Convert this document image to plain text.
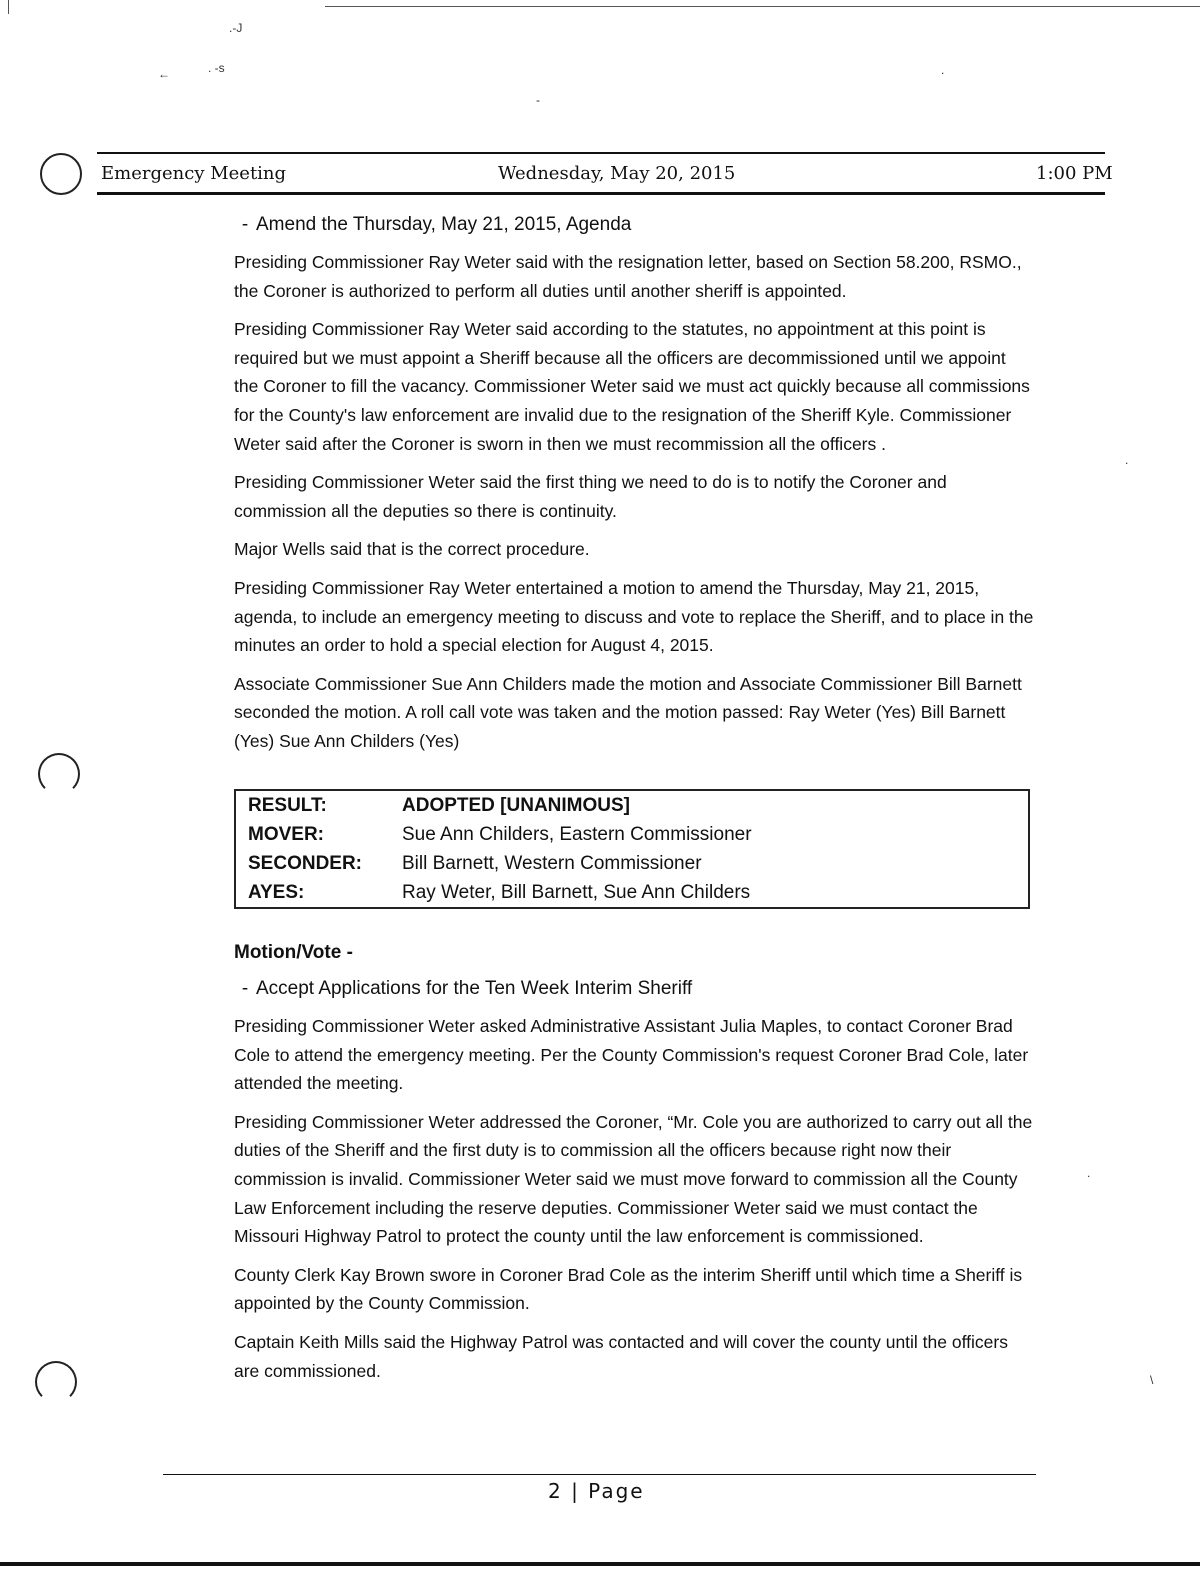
.-J
←	. -s
-
.
.
.
\
Emergency Meeting	Wednesday, May 20, 2015	1:00 PM

- Amend the Thursday, May 21, 2015, Agenda

Presiding Commissioner Ray Weter said with the resignation letter, based on Section 58.200, RSMO., the Coroner is authorized to perform all duties until another sheriff is appointed.

Presiding Commissioner Ray Weter said according to the statutes, no appointment at this point is required but we must appoint a Sheriff because all the officers are decommissioned until we appoint the Coroner to fill the vacancy. Commissioner Weter said we must act quickly because all commissions for the County's law enforcement are invalid due to the resignation of the Sheriff Kyle. Commissioner Weter said after the Coroner is sworn in then we must recommission all the officers .

Presiding Commissioner Weter said the first thing we need to do is to notify the Coroner and commission all the deputies so there is continuity.

Major Wells said that is the correct procedure.

Presiding Commissioner Ray Weter entertained a motion to amend the Thursday, May 21, 2015, agenda, to include an emergency meeting to discuss and vote to replace the Sheriff, and to place in the minutes an order to hold a special election for August 4, 2015.

Associate Commissioner Sue Ann Childers made the motion and Associate Commissioner Bill Barnett seconded the motion. A roll call vote was taken and the motion passed: Ray Weter (Yes) Bill Barnett (Yes) Sue Ann Childers (Yes)

RESULT:	ADOPTED [UNANIMOUS]
MOVER:	Sue Ann Childers, Eastern Commissioner
SECONDER:	Bill Barnett, Western Commissioner
AYES:	Ray Weter, Bill Barnett, Sue Ann Childers

Motion/Vote -

- Accept Applications for the Ten Week Interim Sheriff

Presiding Commissioner Weter asked Administrative Assistant Julia Maples, to contact Coroner Brad Cole to attend the emergency meeting. Per the County Commission's request Coroner Brad Cole, later attended the meeting.

Presiding Commissioner Weter addressed the Coroner, “Mr. Cole you are authorized to carry out all the duties of the Sheriff and the first duty is to commission all the officers because right now their commission is invalid. Commissioner Weter said we must move forward to commission all the County Law Enforcement including the reserve deputies. Commissioner Weter said we must contact the Missouri Highway Patrol to protect the county until the law enforcement is commissioned.

County Clerk Kay Brown swore in Coroner Brad Cole as the interim Sheriff until which time a Sheriff is appointed by the County Commission.

Captain Keith Mills said the Highway Patrol was contacted and will cover the county until the officers are commissioned.

2 | Page
